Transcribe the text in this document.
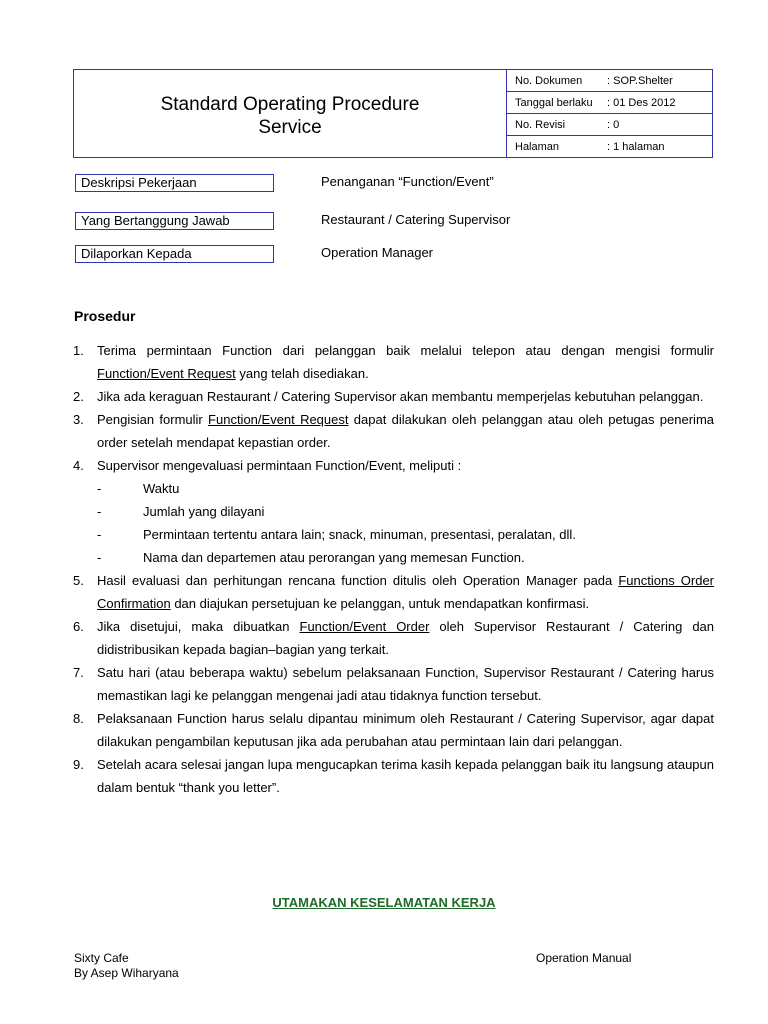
Standard Operating Procedure
Service
No. Dokumen	: SOP.Shelter
Tanggal berlaku	: 01 Des 2012
No. Revisi	: 0
Halaman	: 1 halaman
Deskripsi Pekerjaan	Penanganan “Function/Event”
Yang Bertanggung Jawab	Restaurant / Catering Supervisor
Dilaporkan Kepada	Operation Manager
Prosedur
1.	Terima permintaan Function dari pelanggan baik melalui telepon atau dengan mengisi formulir Function/Event Request yang telah disediakan.
2.	Jika ada keraguan Restaurant / Catering Supervisor akan membantu memperjelas kebutuhan pelanggan.
3.	Pengisian formulir Function/Event Request dapat dilakukan oleh pelanggan atau oleh petugas penerima order setelah mendapat kepastian order.
4.	Supervisor mengevaluasi permintaan Function/Event, meliputi :
-	Waktu
-	Jumlah yang dilayani
-	Permintaan tertentu antara lain; snack, minuman, presentasi, peralatan, dll.
-	Nama dan departemen atau perorangan yang memesan Function.
5.	Hasil evaluasi dan perhitungan rencana function ditulis oleh Operation Manager pada Functions Order Confirmation dan diajukan persetujuan ke pelanggan, untuk mendapatkan konfirmasi.
6.	Jika disetujui, maka dibuatkan Function/Event Order oleh Supervisor Restaurant / Catering dan didistribusikan kepada bagian–bagian yang terkait.
7.	Satu hari (atau beberapa waktu) sebelum pelaksanaan Function, Supervisor Restaurant / Catering harus memastikan lagi ke pelanggan mengenai jadi atau tidaknya function tersebut.
8.	Pelaksanaan Function harus selalu dipantau minimum oleh Restaurant / Catering Supervisor, agar dapat dilakukan pengambilan keputusan jika ada perubahan atau permintaan lain dari pelanggan.
9.	Setelah acara selesai jangan lupa mengucapkan terima kasih kepada pelanggan baik itu langsung ataupun dalam bentuk “thank you letter”.
UTAMAKAN KESELAMATAN KERJA
Sixty Cafe
By Asep Wiharyana
Operation Manual
